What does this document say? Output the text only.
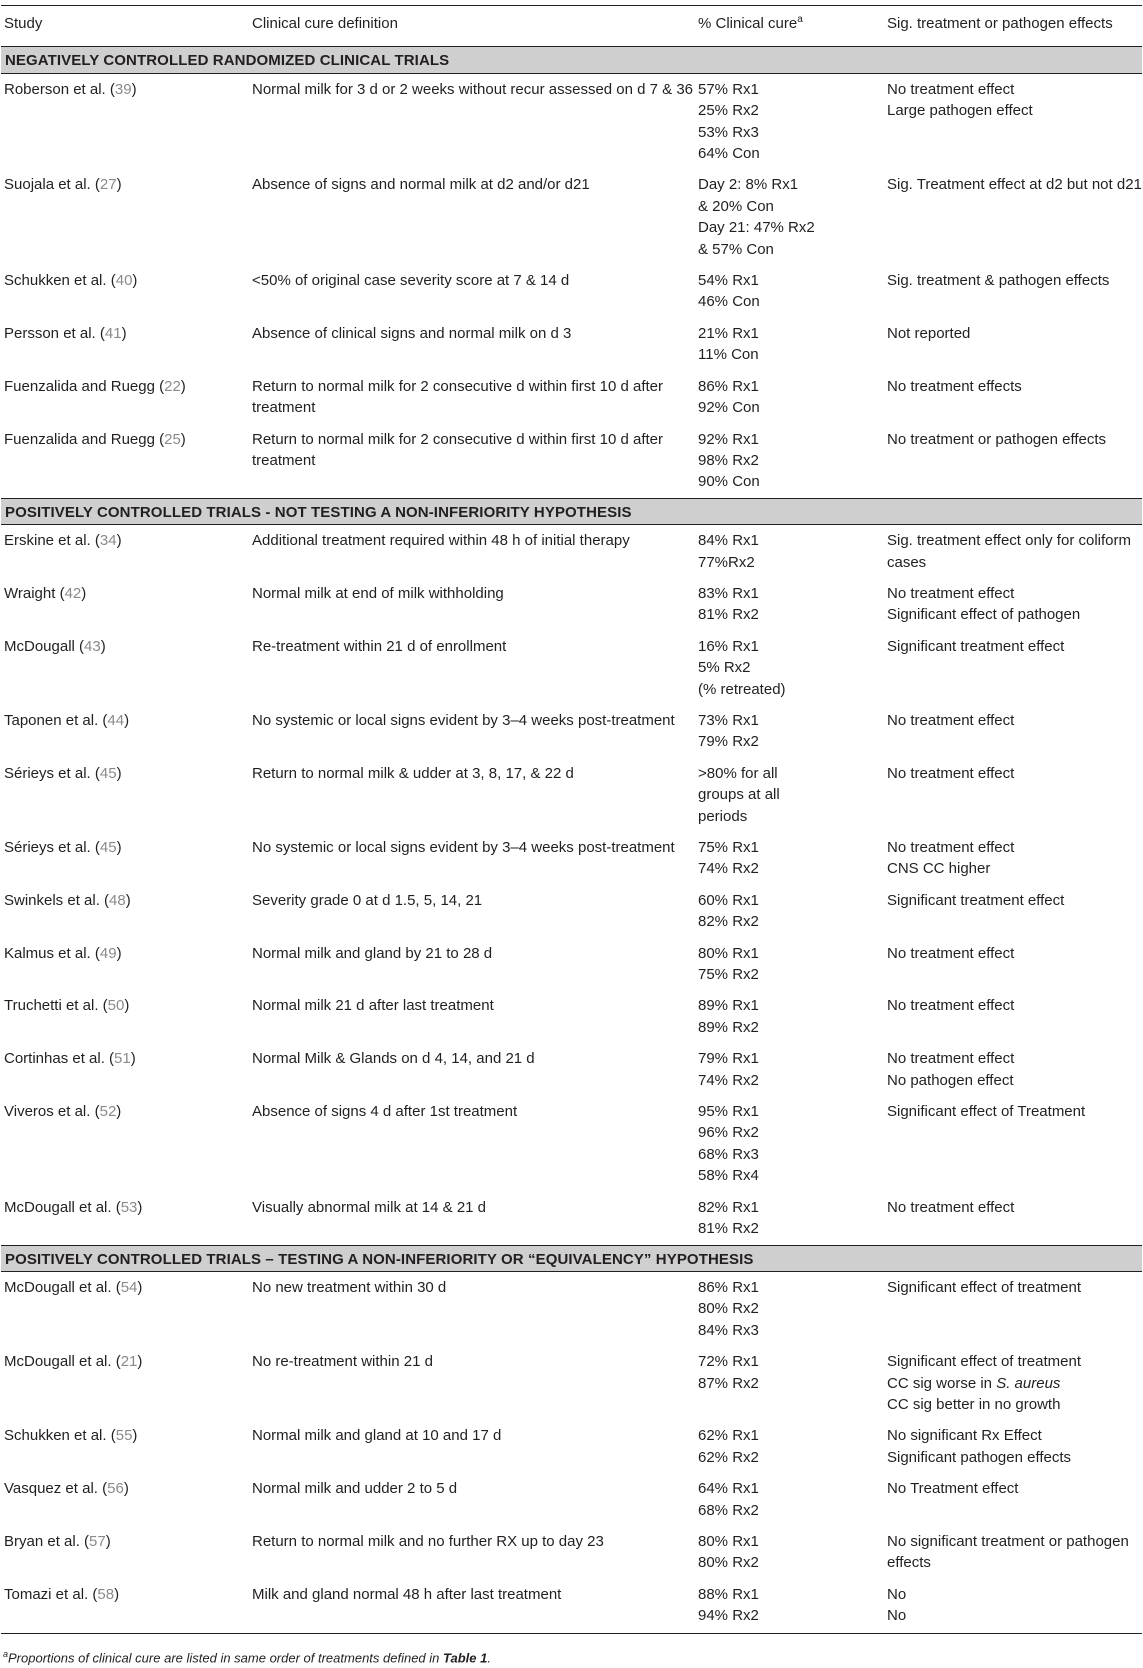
Study	Clinical cure definition	% Clinical cure$^a$	Sig. treatment or pathogen effects
NEGATIVELY CONTROLLED RANDOMIZED CLINICAL TRIALS			
Roberson et al. (39)	Normal milk for 3 d or 2 weeks without recur assessed on d 7 & 36	57% Rx1
25% Rx2
53% Rx3
64% Con	No treatment effect
Large pathogen effect

Suojala et al. (27)	Absence of signs and normal milk at d2 and/or d21	Day 2: 8% Rx1
& 20% Con
Day 21: 47% Rx2
& 57% Con	Sig. Treatment effect at d2 but not d21

Schukken et al. (40)	<50% of original case severity score at 7 & 14 d	54% Rx1
46% Con	Sig. treatment & pathogen effects

Persson et al. (41)	Absence of clinical signs and normal milk on d 3	21% Rx1
11% Con	Not reported

Fuenzalida and Ruegg (22)	Return to normal milk for 2 consecutive d within first 10 d after treatment	86% Rx1
92% Con	No treatment effects

Fuenzalida and Ruegg (25)	Return to normal milk for 2 consecutive d within first 10 d after treatment	92% Rx1
98% Rx2
90% Con	No treatment or pathogen effects

POSITIVELY CONTROLLED TRIALS - NOT TESTING A NON-INFERIORITY HYPOTHESIS			
Erskine et al. (34)	Additional treatment required within 48 h of initial therapy	84% Rx1
77%Rx2	Sig. treatment effect only for coliform cases

Wraight (42)	Normal milk at end of milk withholding	83% Rx1
81% Rx2	No treatment effect
Significant effect of pathogen

McDougall (43)	Re-treatment within 21 d of enrollment	16% Rx1
5% Rx2
(% retreated)	Significant treatment effect

Taponen et al. (44)	No systemic or local signs evident by 3–4 weeks post-treatment	73% Rx1
79% Rx2	No treatment effect

Sérieys et al. (45)	Return to normal milk & udder at 3, 8, 17, & 22 d	>80% for all
groups at all
periods	No treatment effect

Sérieys et al. (45)	No systemic or local signs evident by 3–4 weeks post-treatment	75% Rx1
74% Rx2	No treatment effect
CNS CC higher

Swinkels et al. (48)	Severity grade 0 at d 1.5, 5, 14, 21	60% Rx1
82% Rx2	Significant treatment effect

Kalmus et al. (49)	Normal milk and gland by 21 to 28 d	80% Rx1
75% Rx2	No treatment effect

Truchetti et al. (50)	Normal milk 21 d after last treatment	89% Rx1
89% Rx2	No treatment effect

Cortinhas et al. (51)	Normal Milk & Glands on d 4, 14, and 21 d	79% Rx1
74% Rx2	No treatment effect
No pathogen effect

Viveros et al. (52)	Absence of signs 4 d after 1st treatment	95% Rx1
96% Rx2
68% Rx3
58% Rx4	Significant effect of Treatment

McDougall et al. (53)	Visually abnormal milk at 14 & 21 d	82% Rx1
81% Rx2	No treatment effect

POSITIVELY CONTROLLED TRIALS – TESTING A NON-INFERIORITY OR “EQUIVALENCY” HYPOTHESIS			
McDougall et al. (54)	No new treatment within 30 d	86% Rx1
80% Rx2
84% Rx3	Significant effect of treatment

McDougall et al. (21)	No re-treatment within 21 d	72% Rx1
87% Rx2	Significant effect of treatment
CC sig worse in S. aureus
CC sig better in no growth

Schukken et al. (55)	Normal milk and gland at 10 and 17 d	62% Rx1
62% Rx2	No significant Rx Effect
Significant pathogen effects

Vasquez et al. (56)	Normal milk and udder 2 to 5 d	64% Rx1
68% Rx2	No Treatment effect

Bryan et al. (57)	Return to normal milk and no further RX up to day 23	80% Rx1
80% Rx2	No significant treatment or pathogen effects

Tomazi et al. (58)	Milk and gland normal 48 h after last treatment	88% Rx1
94% Rx2	No
No
$^a$Proportions of clinical cure are listed in same order of treatments defined in Table 1.
